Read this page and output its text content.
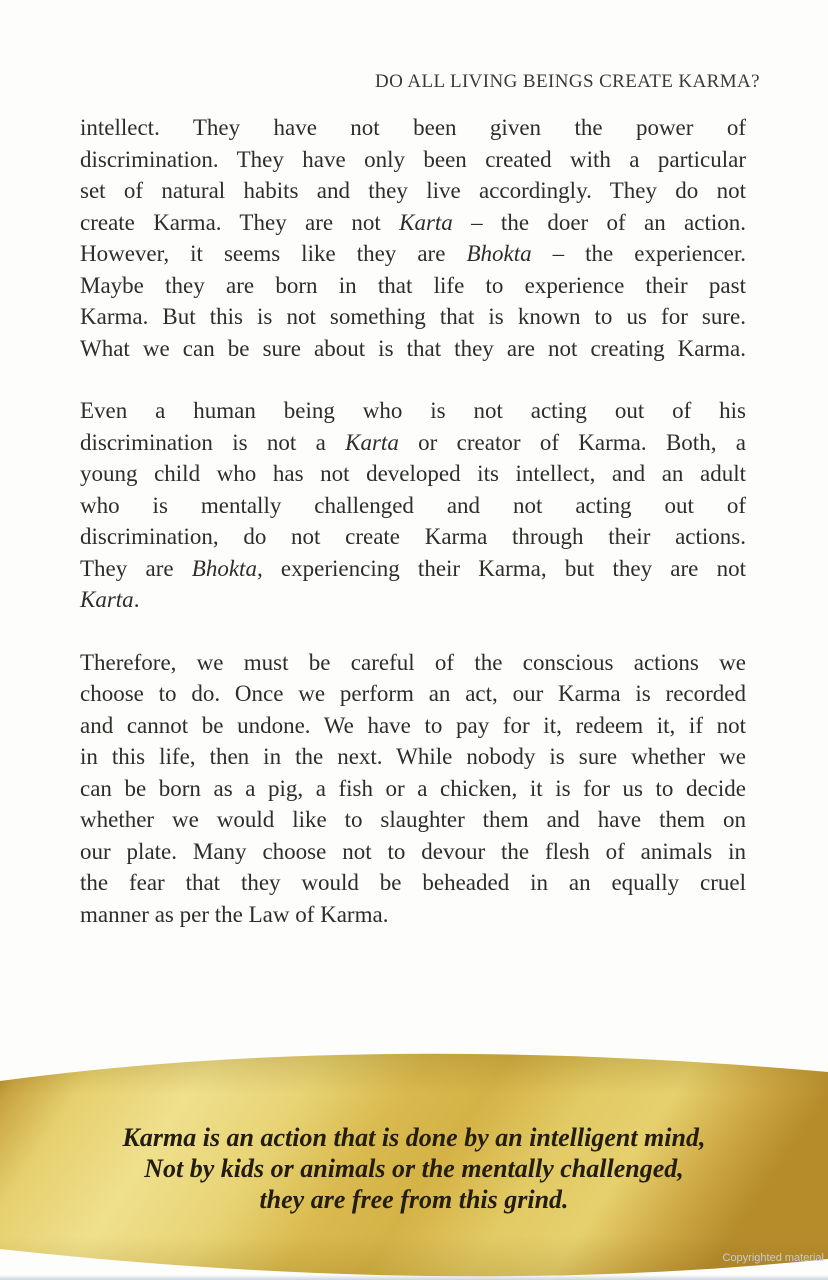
DO ALL LIVING BEINGS CREATE KARMA?
intellect. They have not been given the power of
discrimination. They have only been created with a particular
set of natural habits and they live accordingly. They do not
create Karma. They are not Karta – the doer of an action.
However, it seems like they are Bhokta – the experiencer.
Maybe they are born in that life to experience their past
Karma. But this is not something that is known to us for sure.
What we can be sure about is that they are not creating Karma.
Even a human being who is not acting out of his
discrimination is not a Karta or creator of Karma. Both, a
young child who has not developed its intellect, and an adult
who is mentally challenged and not acting out of
discrimination, do not create Karma through their actions.
They are Bhokta, experiencing their Karma, but they are not
Karta.
Therefore, we must be careful of the conscious actions we
choose to do. Once we perform an act, our Karma is recorded
and cannot be undone. We have to pay for it, redeem it, if not
in this life, then in the next. While nobody is sure whether we
can be born as a pig, a fish or a chicken, it is for us to decide
whether we would like to slaughter them and have them on
our plate. Many choose not to devour the flesh of animals in
the fear that they would be beheaded in an equally cruel
manner as per the Law of Karma.
Karma is an action that is done by an intelligent mind,
Not by kids or animals or the mentally challenged,
they are free from this grind.
Copyrighted material
